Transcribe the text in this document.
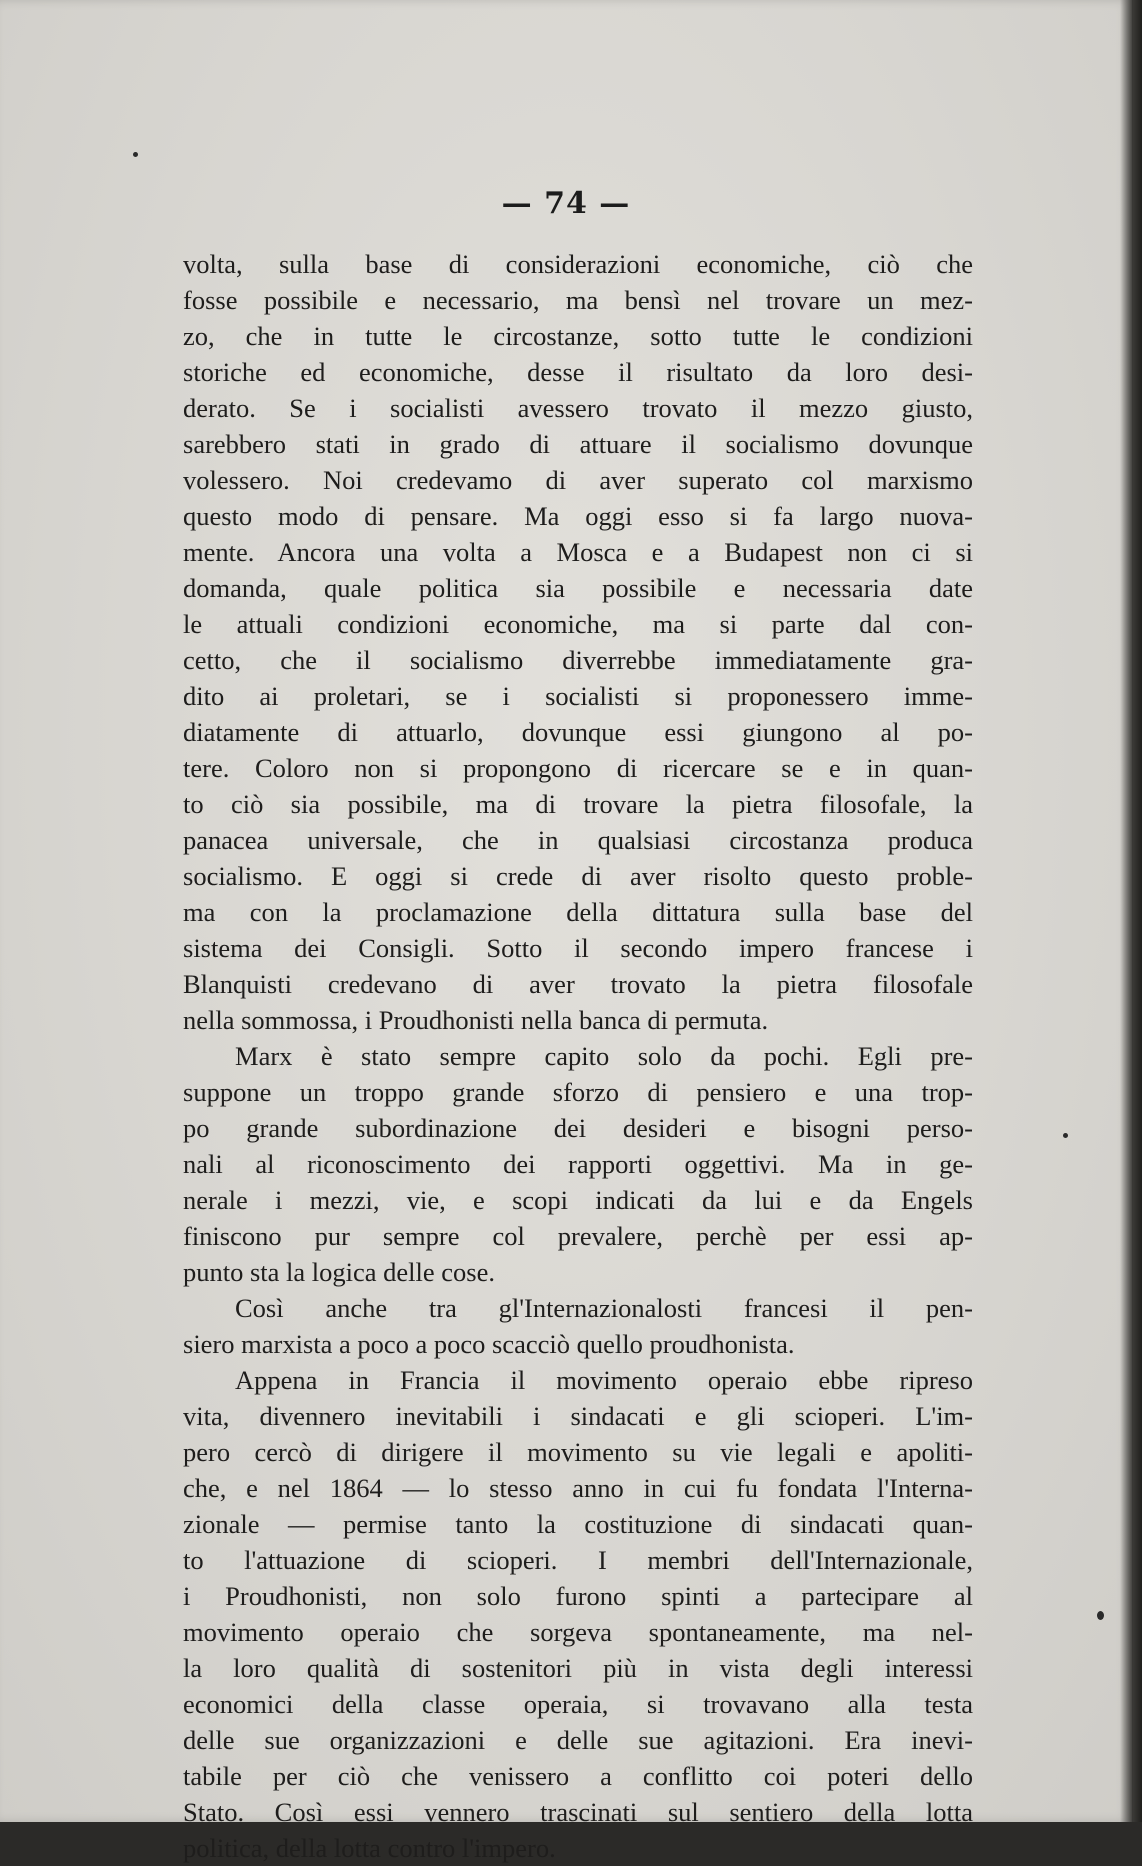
— 74 —
volta, sulla base di considerazioni economiche, ciò che
fosse possibile e necessario, ma bensì nel trovare un mez-
zo, che in tutte le circostanze, sotto tutte le condizioni
storiche ed economiche, desse il risultato da loro desi-
derato. Se i socialisti avessero trovato il mezzo giusto,
sarebbero stati in grado di attuare il socialismo dovunque
volessero. Noi credevamo di aver superato col marxismo
questo modo di pensare. Ma oggi esso si fa largo nuova-
mente. Ancora una volta a Mosca e a Budapest non ci si
domanda, quale politica sia possibile e necessaria date
le attuali condizioni economiche, ma si parte dal con-
cetto, che il socialismo diverrebbe immediatamente gra-
dito ai proletari, se i socialisti si proponessero imme-
diatamente di attuarlo, dovunque essi giungono al po-
tere. Coloro non si propongono di ricercare se e in quan-
to ciò sia possibile, ma di trovare la pietra filosofale, la
panacea universale, che in qualsiasi circostanza produca
socialismo. E oggi si crede di aver risolto questo proble-
ma con la proclamazione della dittatura sulla base del
sistema dei Consigli. Sotto il secondo impero francese i
Blanquisti credevano di aver trovato la pietra filosofale
nella sommossa, i Proudhonisti nella banca di permuta.
Marx è stato sempre capito solo da pochi. Egli pre-
suppone un troppo grande sforzo di pensiero e una trop-
po grande subordinazione dei desideri e bisogni perso-
nali al riconoscimento dei rapporti oggettivi. Ma in ge-
nerale i mezzi, vie, e scopi indicati da lui e da Engels
finiscono pur sempre col prevalere, perchè per essi ap-
punto sta la logica delle cose.
Così anche tra gl'Internazionalosti francesi il pen-
siero marxista a poco a poco scacciò quello proudhonista.
Appena in Francia il movimento operaio ebbe ripreso
vita, divennero inevitabili i sindacati e gli scioperi. L'im-
pero cercò di dirigere il movimento su vie legali e apoliti-
che, e nel 1864 — lo stesso anno in cui fu fondata l'Interna-
zionale — permise tanto la costituzione di sindacati quan-
to l'attuazione di scioperi. I membri dell'Internazionale,
i Proudhonisti, non solo furono spinti a partecipare al
movimento operaio che sorgeva spontaneamente, ma nel-
la loro qualità di sostenitori più in vista degli interessi
economici della classe operaia, si trovavano alla testa
delle sue organizzazioni e delle sue agitazioni. Era inevi-
tabile per ciò che venissero a conflitto coi poteri dello
Stato. Così essi vennero trascinati sul sentiero della lotta
politica, della lotta contro l'impero.
